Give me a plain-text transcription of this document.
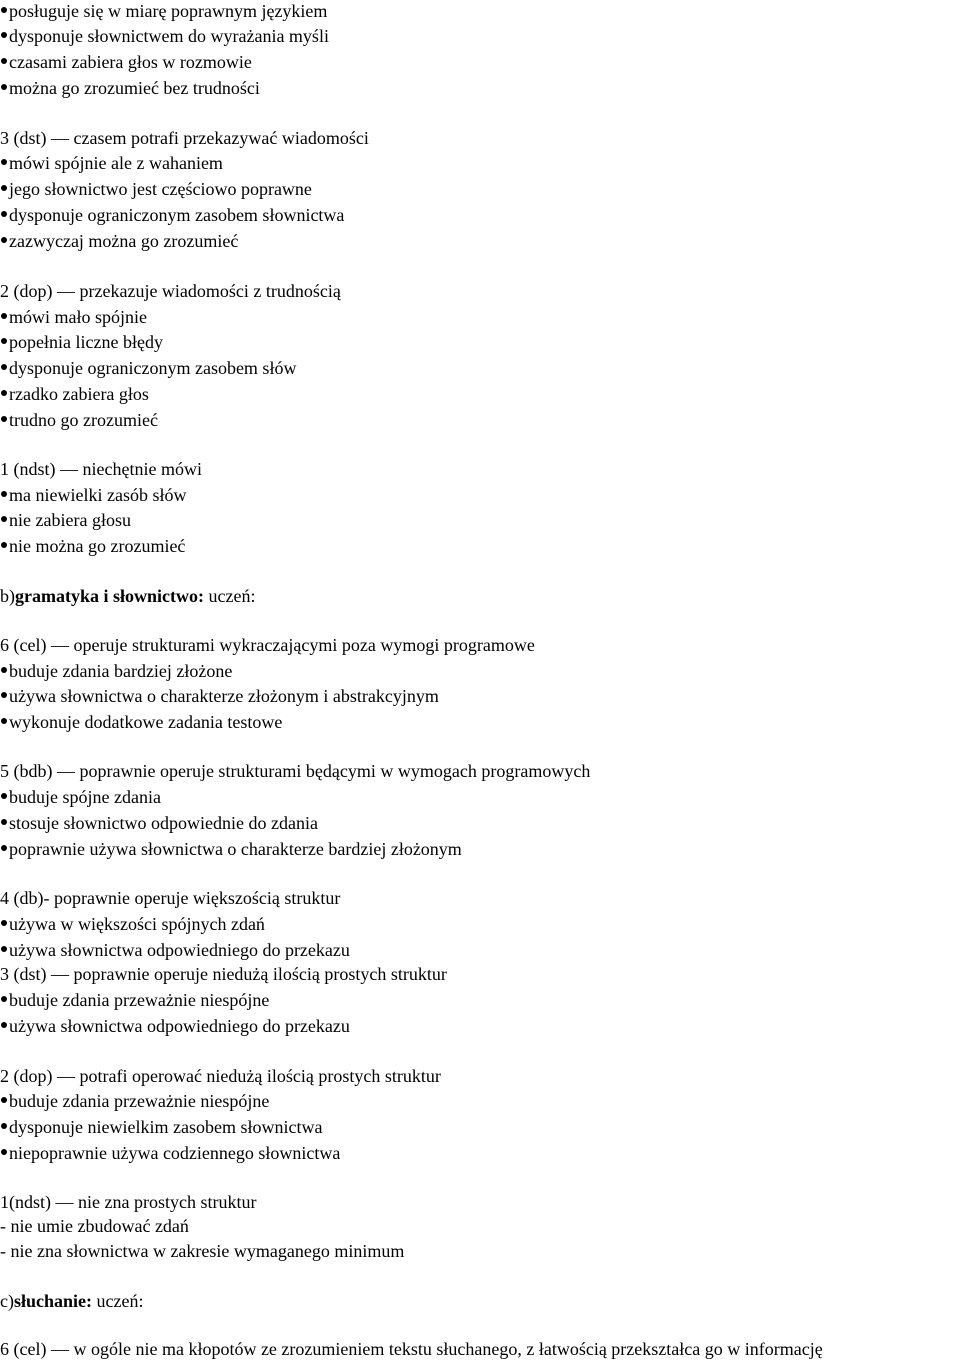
posługuje się w miarę poprawnym językiem
dysponuje słownictwem do wyrażania myśli
czasami zabiera głos w rozmowie
można go zrozumieć bez trudności
3 (dst) — czasem potrafi przekazywać wiadomości
mówi spójnie ale z wahaniem
jego słownictwo jest częściowo poprawne
dysponuje ograniczonym zasobem słownictwa
zazwyczaj można go zrozumieć
2 (dop) — przekazuje wiadomości z trudnością
mówi mało spójnie
popełnia liczne błędy
dysponuje ograniczonym zasobem słów
rzadko zabiera głos
trudno go zrozumieć
1 (ndst) — niechętnie mówi
ma niewielki zasób słów
nie zabiera głosu
nie można go zrozumieć
b)gramatyka i słownictwo: uczeń:
6 (cel) — operuje strukturami wykraczającymi poza wymogi programowe
buduje zdania bardziej złożone
używa słownictwa o charakterze złożonym i abstrakcyjnym
wykonuje dodatkowe zadania testowe
5 (bdb) — poprawnie operuje strukturami będącymi w wymogach programowych
buduje spójne zdania
stosuje słownictwo odpowiednie do zdania
poprawnie używa słownictwa o charakterze bardziej złożonym
4 (db)- poprawnie operuje większością struktur
używa w większości spójnych zdań
używa słownictwa odpowiedniego do przekazu
3 (dst) — poprawnie operuje niedużą ilością prostych struktur
buduje zdania przeważnie niespójne
używa słownictwa odpowiedniego do przekazu
2 (dop) — potrafi operować niedużą ilością prostych struktur
buduje zdania przeważnie niespójne
dysponuje niewielkim zasobem słownictwa
niepoprawnie używa codziennego słownictwa
1(ndst) — nie zna prostych struktur
- nie umie zbudować zdań
- nie zna słownictwa w zakresie wymaganego minimum
c)słuchanie: uczeń:
6 (cel) — w ogóle nie ma kłopotów ze zrozumieniem tekstu słuchanego, z łatwością przekształca go w informację
